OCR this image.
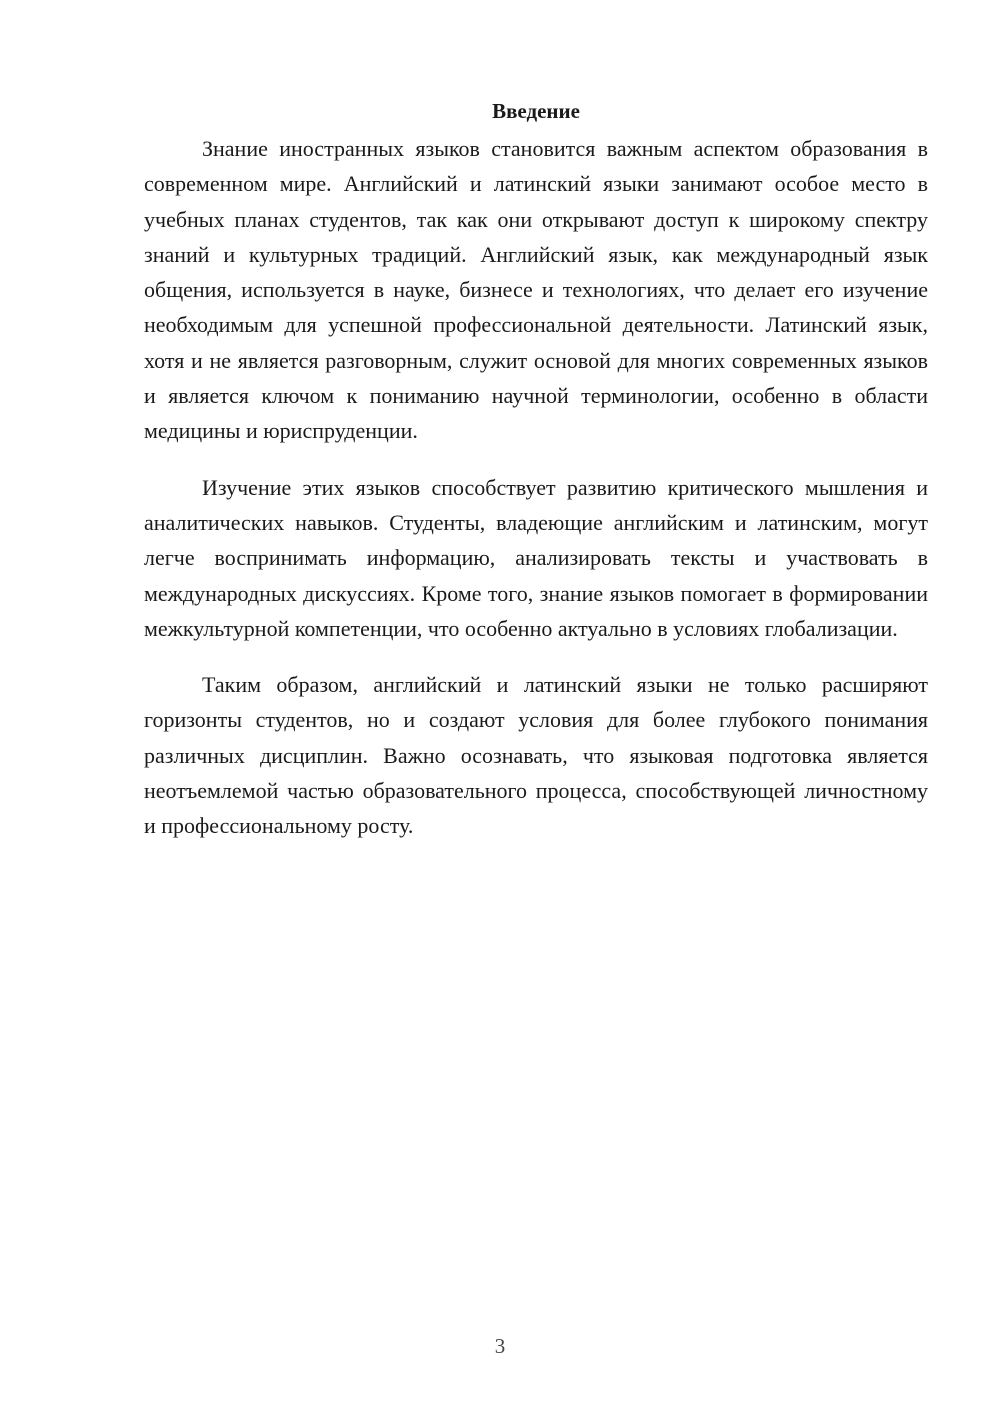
Введение

Знание иностранных языков становится важным аспектом образования в современном мире. Английский и латинский языки занимают особое место в учебных планах студентов, так как они открывают доступ к широкому спектру знаний и культурных традиций. Английский язык, как международный язык общения, используется в науке, бизнесе и технологиях, что делает его изучение необходимым для успешной профессиональной деятельности. Латинский язык, хотя и не является разговорным, служит основой для многих современных языков и является ключом к пониманию научной терминологии, особенно в области медицины и юриспруденции.

Изучение этих языков способствует развитию критического мышления и аналитических навыков. Студенты, владеющие английским и латинским, могут легче воспринимать информацию, анализировать тексты и участвовать в международных дискуссиях. Кроме того, знание языков помогает в формировании межкультурной компетенции, что особенно актуально в условиях глобализации.

Таким образом, английский и латинский языки не только расширяют горизонты студентов, но и создают условия для более глубокого понимания различных дисциплин. Важно осознавать, что языковая подготовка является неотъемлемой частью образовательного процесса, способствующей личностному и профессиональному росту.

3
